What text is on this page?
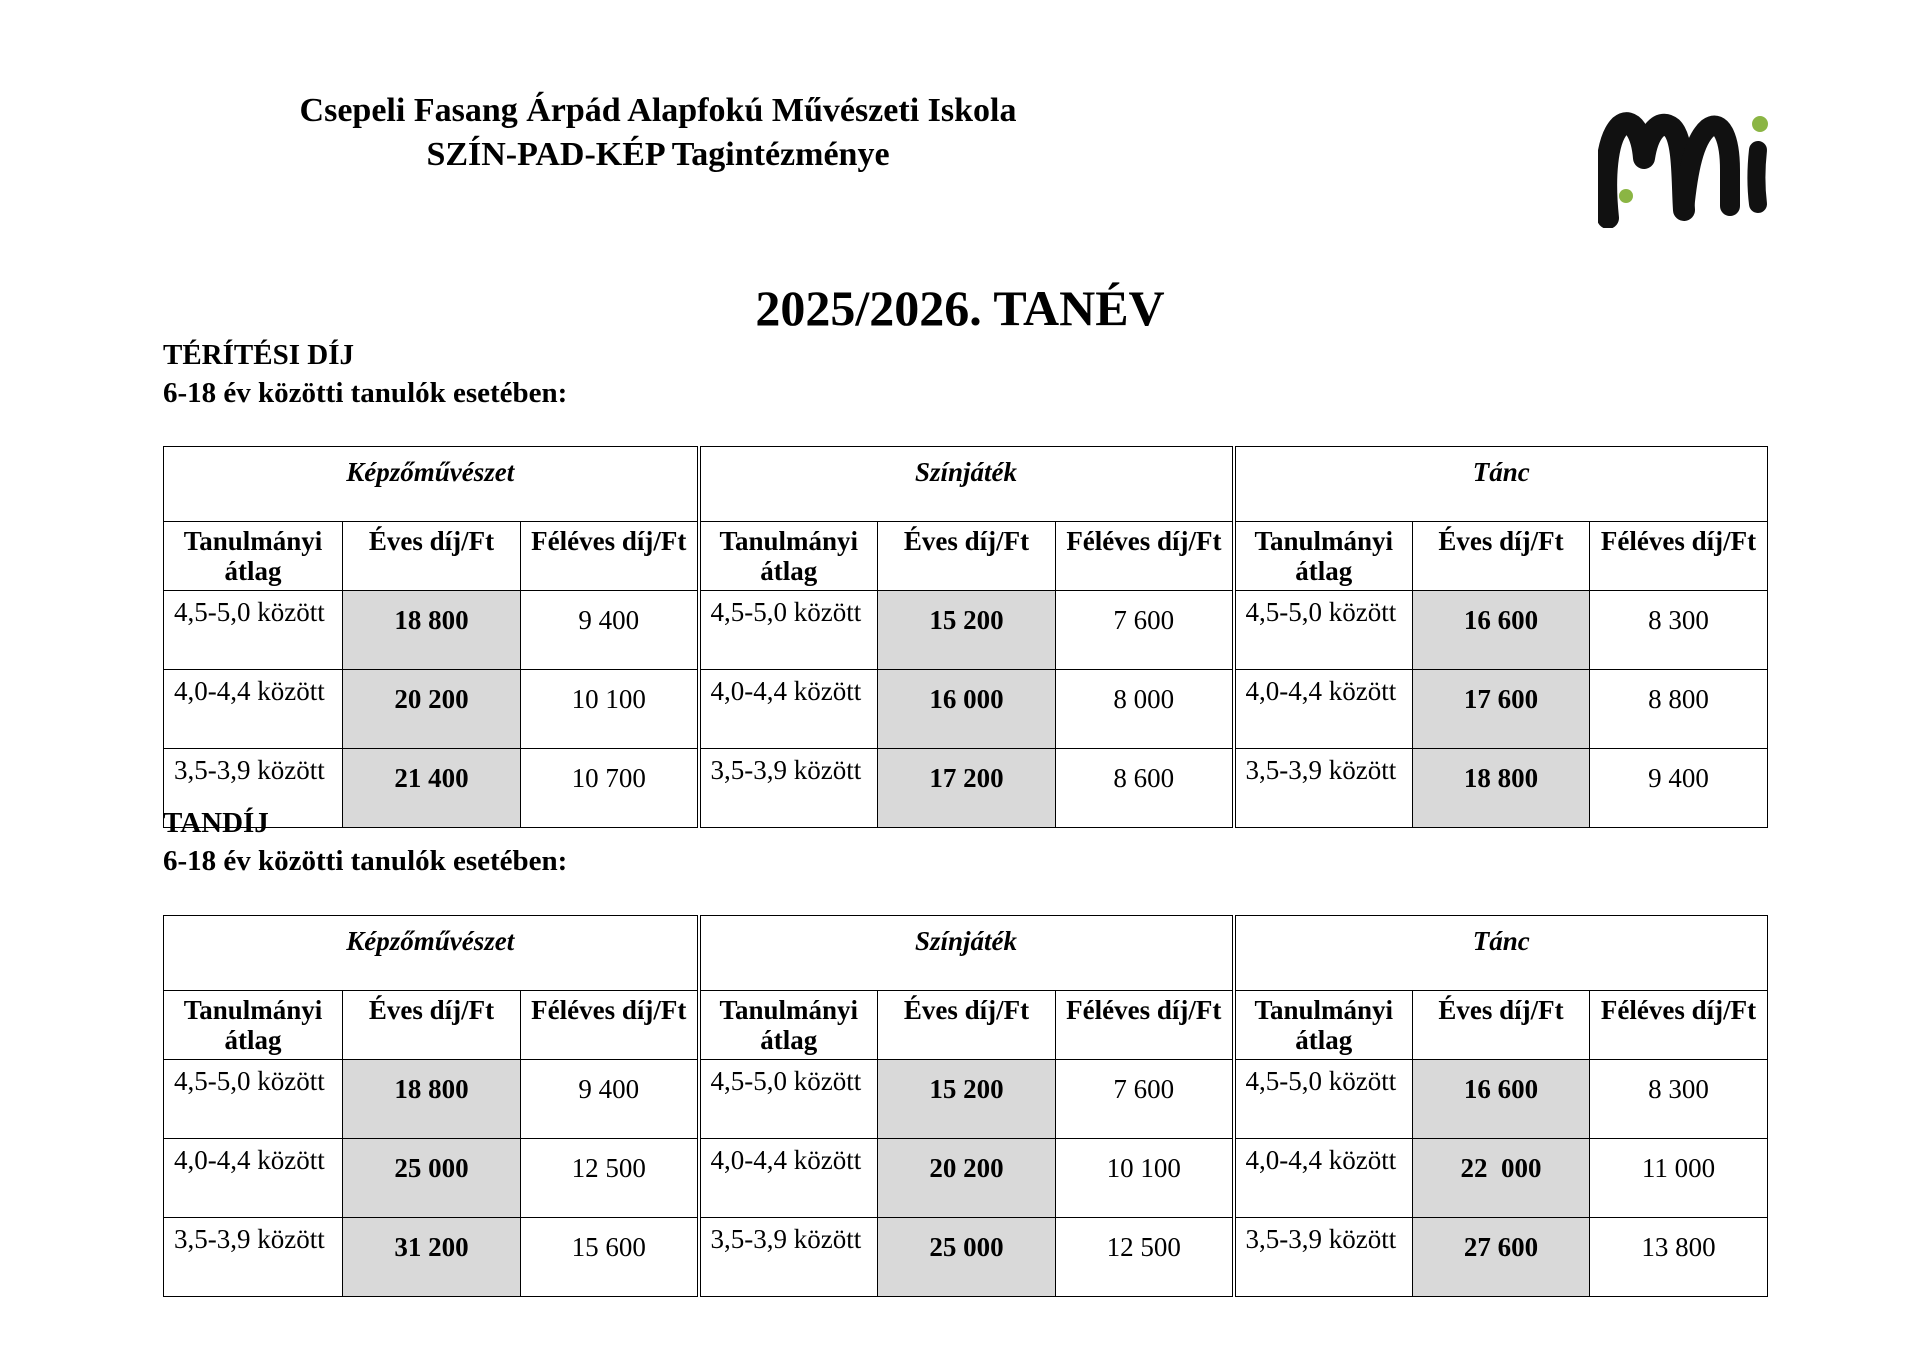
Csepeli Fasang Árpád Alapfokú Művészeti Iskola
SZÍN-PAD-KÉP Tagintézménye
2025/2026. TANÉV
TÉRÍTÉSI DÍJ
6-18 év közötti tanulók esetében:
Képzőművészet			Színjáték			Tánc		
Tanulmányi átlag	Éves díj/Ft	Féléves díj/Ft	Tanulmányi átlag	Éves díj/Ft	Féléves díj/Ft	Tanulmányi átlag	Éves díj/Ft	Féléves díj/Ft
4,5-5,0 között	18 800	9 400	4,5-5,0 között	15 200	7 600	4,5-5,0 között	16 600	8 300
4,0-4,4 között	20 200	10 100	4,0-4,4 között	16 000	8 000	4,0-4,4 között	17 600	8 800
3,5-3,9 között	21 400	10 700	3,5-3,9 között	17 200	8 600	3,5-3,9 között	18 800	9 400
TANDÍJ
6-18 év közötti tanulók esetében:
Képzőművészet			Színjáték			Tánc		
Tanulmányi átlag	Éves díj/Ft	Féléves díj/Ft	Tanulmányi átlag	Éves díj/Ft	Féléves díj/Ft	Tanulmányi átlag	Éves díj/Ft	Féléves díj/Ft
4,5-5,0 között	18 800	9 400	4,5-5,0 között	15 200	7 600	4,5-5,0 között	16 600	8 300
4,0-4,4 között	25 000	12 500	4,0-4,4 között	20 200	10 100	4,0-4,4 között	22  000	11 000
3,5-3,9 között	31 200	15 600	3,5-3,9 között	25 000	12 500	3,5-3,9 között	27 600	13 800
